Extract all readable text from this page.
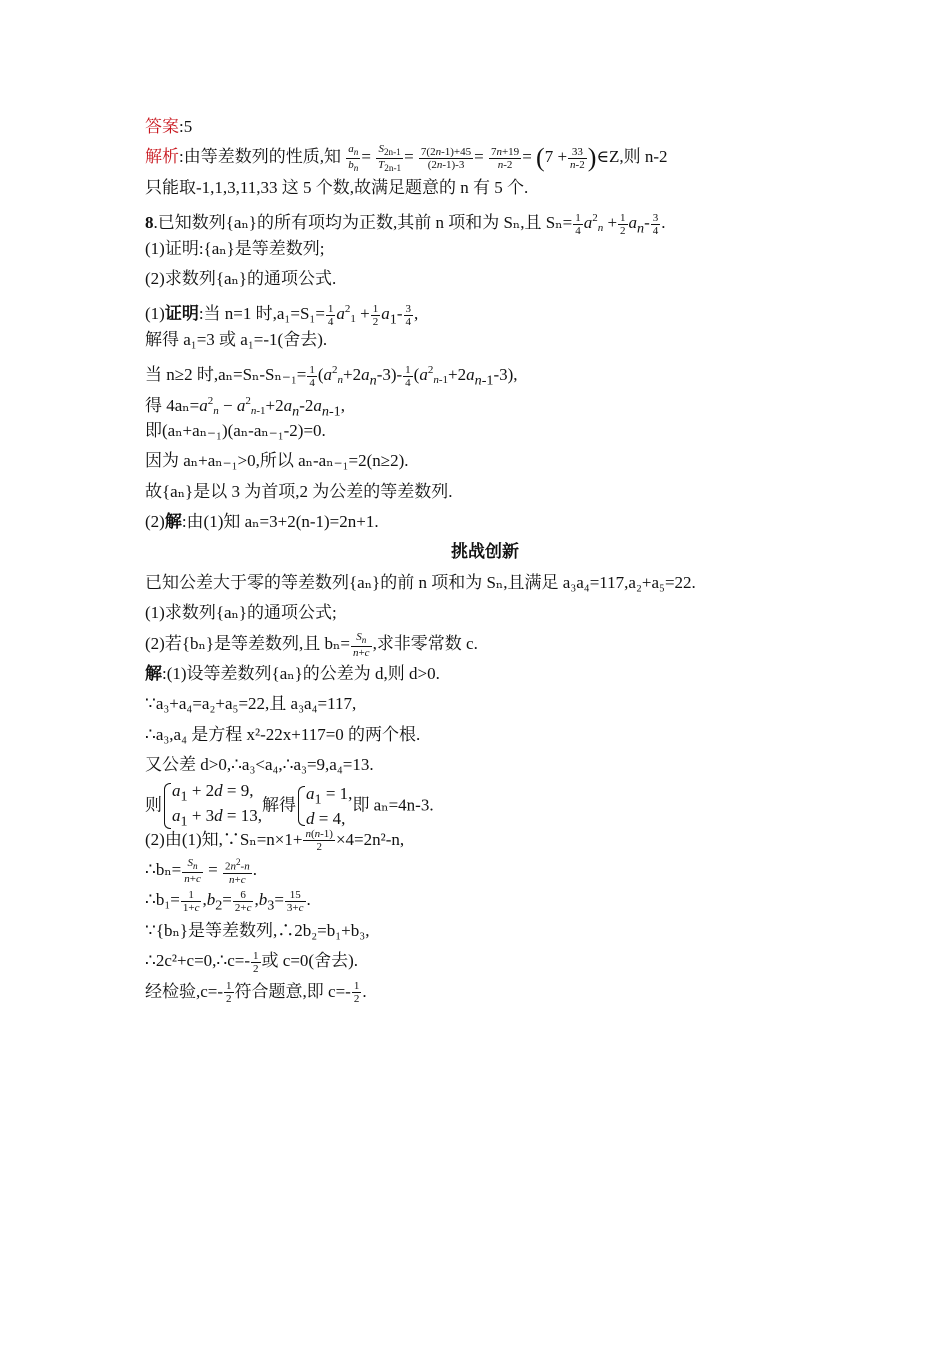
答案:5
解析:由等差数列的性质,知 $\frac{a_n}{b_n} = \frac{S_{2n-1}}{T_{2n-1}} = \frac{7(2n-1)+45}{(2n-1)-3} = \frac{7n+19}{n-2} = (7 + \frac{33}{n-2}$ )∈Z,则 n-2
只能取-1,1,3,11,33 这 5 个数,故满足题意的 n 有 5 个.
8.已知数列{aₙ}的所有项均为正数,其前 n 项和为 Sₙ,且 $S_n= \frac{1}{4} a^2_n + \frac{1}{2} a_n- \frac{3}{4}$ .
(1)证明:{aₙ}是等差数列;
(2)求数列{aₙ}的通项公式.
(1)证明:当 n=1 时$,a_1=S_1= \frac{1}{4} a^2_1 + \frac{1}{2} a_1- \frac{3}{4}$ ,
解得 a₁=3 或 a₁=-1(舍去).
当 n≥2 时$,a_n=S_n-S_{n-1}= \frac{1}{4} (a^2_n+2a_n-3)- \frac{1}{4} (a^2_{n-1}+2a_{n-1}-3)$,
得 $4a_n=a^2_n - a^2_{n-1}+2a_n-2a_{n-1}$,
即(aₙ+aₙ₋₁)(aₙ-aₙ₋₁-2)=0.
因为 aₙ+aₙ₋₁>0,所以 aₙ-aₙ₋₁=2(n≥2).
故{aₙ}是以 3 为首项,2 为公差的等差数列.
(2)解:由(1)知 aₙ=3+2(n-1)=2n+1.
挑战创新
已知公差大于零的等差数列{aₙ}的前 n 项和为 Sₙ,且满足 a₃a₄=117,a₂+a₅=22.
(1)求数列{aₙ}的通项公式;
(2)若{bₙ}是等差数列,且 $b_n= \frac{S_n}{n+c}$ ,求非零常数 c.
解:(1)设等差数列{aₙ}的公差为 d,则 d>0.
∵a₃+a₄=a₂+a₅=22,且 a₃a₄=117,
∴a₃,a₄ 是方程 x²-22x+117=0 的两个根.
又公差 d>0,∴a₃<a₄,∴a₃=9,a₄=13.
则$a_1 + 2d = 9$,
$a_1 + 3d = 13$,解得$a_1 = 1$,
d = 4,即 aₙ=4n-3.
(2)由(1)知,∵Sₙ=n×1+ $\frac{n(n-1)}{2} \times 4=2n^2-n$,
∴bₙ= $\frac{S_n}{n+c} = \frac{2n^2-n}{n+c}$ .
∴b₁= $\frac{1}{1+c} ,b_2= \frac{6}{2+c} ,b_3= \frac{15}{3+c}$ .
∵{bₙ}是等差数列,∴2b₂=b₁+b₃,
∴2c²+c=0,∴c=- $\frac{1}{2}$ 或 c=0(舍去).
经检验$,c=- \frac{1}{2}$ 符合题意,即 $c=- \frac{1}{2}$ .
